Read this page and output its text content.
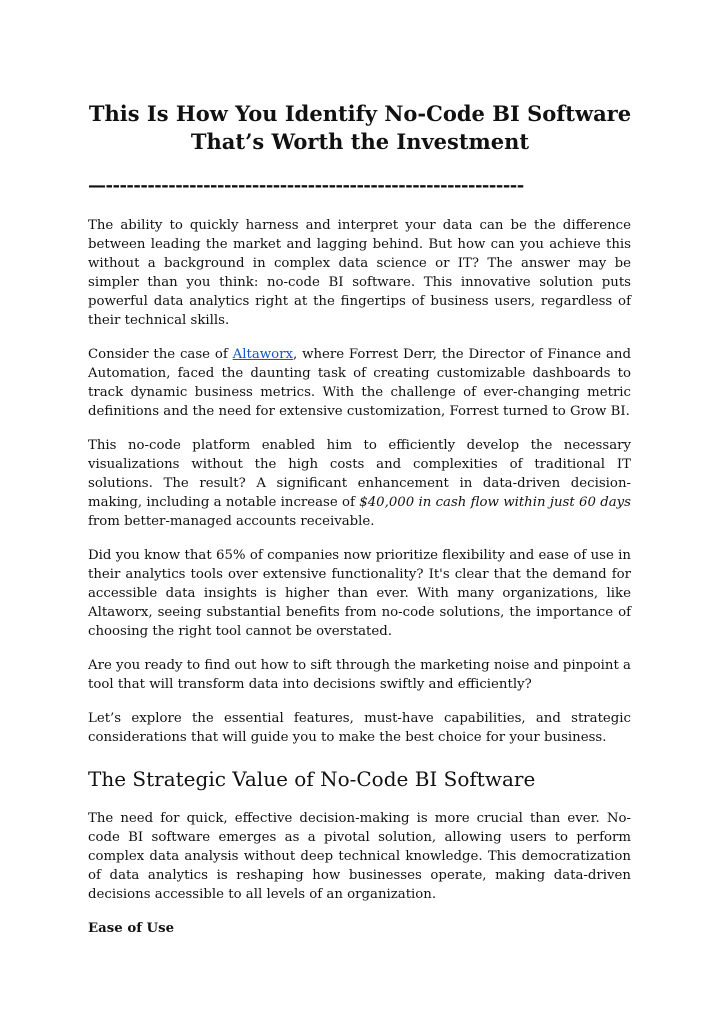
This Is How You Identify No-Code BI Software
That’s Worth the Investment
—------------------------------------------------------------

The ability to quickly harness and interpret your data can be the difference between leading the market and lagging behind. But how can you achieve this without a background in complex data science or IT? The answer may be simpler than you think: no-code BI software. This innovative solution puts powerful data analytics right at the fingertips of business users, regardless of their technical skills.

Consider the case of Altaworx, where Forrest Derr, the Director of Finance and Automation, faced the daunting task of creating customizable dashboards to track dynamic business metrics. With the challenge of ever-changing metric definitions and the need for extensive customization, Forrest turned to Grow BI.

This no-code platform enabled him to efficiently develop the necessary visualizations without the high costs and complexities of traditional IT solutions. The result? A significant enhancement in data-driven decision-making, including a notable increase of $40,000 in cash flow within just 60 days from better-managed accounts receivable.

Did you know that 65% of companies now prioritize flexibility and ease of use in their analytics tools over extensive functionality? It's clear that the demand for accessible data insights is higher than ever. With many organizations, like Altaworx, seeing substantial benefits from no-code solutions, the importance of choosing the right tool cannot be overstated.

Are you ready to find out how to sift through the marketing noise and pinpoint a tool that will transform data into decisions swiftly and efficiently?

Let’s explore the essential features, must-have capabilities, and strategic considerations that will guide you to make the best choice for your business.

The Strategic Value of No-Code BI Software

The need for quick, effective decision-making is more crucial than ever. No-code BI software emerges as a pivotal solution, allowing users to perform complex data analysis without deep technical knowledge. This democratization of data analytics is reshaping how businesses operate, making data-driven decisions accessible to all levels of an organization.

Ease of Use
